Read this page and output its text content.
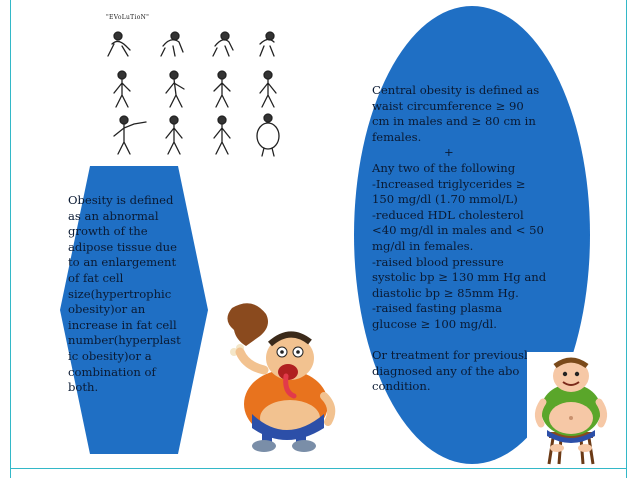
"EVoLuTioN"
Obesity is defined
as an abnormal
growth of the
adipose tissue due
to an enlargement
of fat cell
size(hypertrophic
obesity)or an
increase in fat cell
number(hyperplast
ic obesity)or a
combination of
both.
Central obesity is defined as
waist circumference ≥ 90
cm in males and ≥ 80 cm in
females.
+
Any two of the following
-Increased triglycerides ≥
150 mg/dl (1.70 mmol/L)
-reduced HDL cholesterol
<40 mg/dl in males and < 50
mg/dl in females.
-raised blood pressure
systolic bp ≥ 130 mm Hg and
diastolic bp ≥ 85mm Hg.
-raised fasting plasma
glucose ≥ 100 mg/dl.
Or treatment for previously
diagnosed any of the abo
condition.
